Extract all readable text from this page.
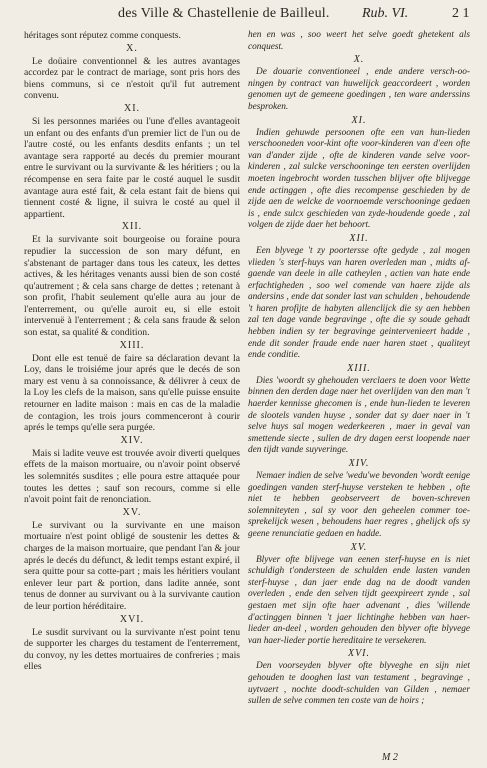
des Ville & Chastellenie de Bailleul. Rub. VI.	2 1

héritages sont réputez comme conquests.

X.

Le doüaire conventionnel & les autres avantages accordez par le contract de mariage, sont pris hors des biens communs, si ce n'estoit qu'il fut autrement convenu.

XI.

Si les personnes mariées ou l'une d'elles avantageoit un enfant ou des enfants d'un premier lict de l'un ou de l'autre costé, ou les enfants desdits enfants ; un tel avantage sera rapporté au decés du premier mourant entre le survivant ou la survivante & les héritiers ; ou la récompense en sera faite par le costé auquel le susdit avantage aura esté fait, & cela estant fait de biens qui tiennent costé & ligne, il suivra le costé au quel il appartient.

XII.

Et la survivante soit bourgeoise ou foraine poura repudier la succession de son mary défunt, en s'abstenant de partager dans tous les cateux, les dettes actives, & les héritages venants aussi bien de son costé qu'autrement ; & cela sans charge de dettes ; retenant à son profit, l'habit seulement qu'elle aura au jour de l'enterrement, ou qu'elle auroit eu, si elle estoit intervenuë à l'enterrement ; & cela sans fraude & selon son estat, sa qualité & condition.

XIII.

Dont elle est tenuë de faire sa déclaration devant la Loy, dans le troisiéme jour aprés que le decés de son mary est venu à sa connoissance, & délivrer à ceux de la Loy les clefs de la maison, sans qu'elle puisse ensuite retourner en ladite maison : mais en cas de la maladie de contagion, les trois jours commenceront à courir aprés le temps qu'elle sera purgée.

XIV.

Mais si ladite veuve est trouvée avoir diverti quelques effets de la maison mortuaire, ou n'avoir point observé les solemnités susdites ; elle poura estre attaquée pour toutes les dettes ; sauf son recours, comme si elle n'avoit point fait de renonciation.

XV.

Le survivant ou la survivante en une maison mortuaire n'est point obligé de soustenir les dettes & charges de la maison mortuaire, que pendant l'an & jour aprés le decés du défunct, & ledit temps estant expiré, il sera quitte pour sa cotte-part ; mais les héritiers voulant enlever leur part & portion, dans ladite année, sont tenus de donner au survivant ou à la survivante caution de leur portion héréditaire.

XVI.

Le susdit survivant ou la survivante n'est point tenu de supporter les charges du testament de l'enterrement, du convoy, ny les dettes mortuaires de confreries ; mais elles

hen en was , soo weert het selve goedt ghetekent als conquest.

X.

De douarie conventioneel , ende andere versch-oo-ningen by contract van huwelijck geaccordeert , worden genomen uyt de gemeene goedingen , ten ware anderssins besproken.

XI.

Indien gehuwde persoonen ofte een van hun-lieden verschooneden voor-kint ofte voor-kinderen van d'een ofte van d'ander zijde , ofte de kinderen vande selve voor-kinderen , zal sulcke verschooninge ten eersten overlijden moeten ingebrocht worden tusschen blijver ofte blijvegge ende actinggen , ofte dies recompense geschieden by de zijde aen de welcke de voornoemde verschooninge gedaen is , ende sulcx geschieden van zyde-houdende goede , zal volgen de zijde daer het behoort.

XII.

Een blyvege 't zy poortersse ofte gedyde , zal mogen vlieden 's sterf-huys van haren overleden man , midts af-gaende van deele in alle catheylen , actien van hate ende erfachtigheden , soo wel comende van haere zijde als andersins , ende dat sonder last van schulden , behoudende 't haren profijte de habyten allenclijck die sy aen hebben zal ten dage vande begravinge , ofte die sy soude gehadt hebben indien sy ter begravinge geintervenieert hadde , ende dit sonder fraude ende naer haren staet , qualiteyt ende conditie.

XIII.

Dies 'woordt sy ghehouden verclaers te doen voor Wette binnen den derden dage naer het overlijden van den man 't haerder kennisse ghecomen is , ende hun-lieden te leveren de slootels vanden huyse , sonder dat sy daer naer in 't selve huys sal mogen wederkeeren , maer in geval van smettende siecte , sullen de dry dagen eerst loopende naer den tijdt vande suyveringe.

XIV.

Nemaer indien de selve 'wedu'we bevonden 'wordt eenige goedingen vanden sterf-huyse versteken te hebben , ofte niet te hebben geobserveert de boven-schreven solemniteyten , sal sy voor den geheelen commer toe-sprekelijck wesen , behoudens haer regres , ghelijck ofs sy geene renunciatie gedaen en hadde.

XV.

Blyver ofte blijvege van eenen sterf-huyse en is niet schuldigh t'ondersteen de schulden ende lasten vanden sterf-huyse , dan jaer ende dag na de doodt vanden overleden , ende den selven tijdt geexpireert zynde , sal gestaen met sijn ofte haer advenant , dies 'willende d'actinggen binnen 't jaer lichtinghe hebben van haer-lieder an-deel , worden gehouden den blyver ofte blyvege van haer-lieder portie hereditaire te versekeren.

XVI.

Den voorseyden blyver ofte blyveghe en sijn niet gehouden te dooghen last van testament , begravinge , uytvaert , nochte doodt-schulden van Gilden , nemaer sullen de selve commen ten coste van de hoirs ;

M 2
